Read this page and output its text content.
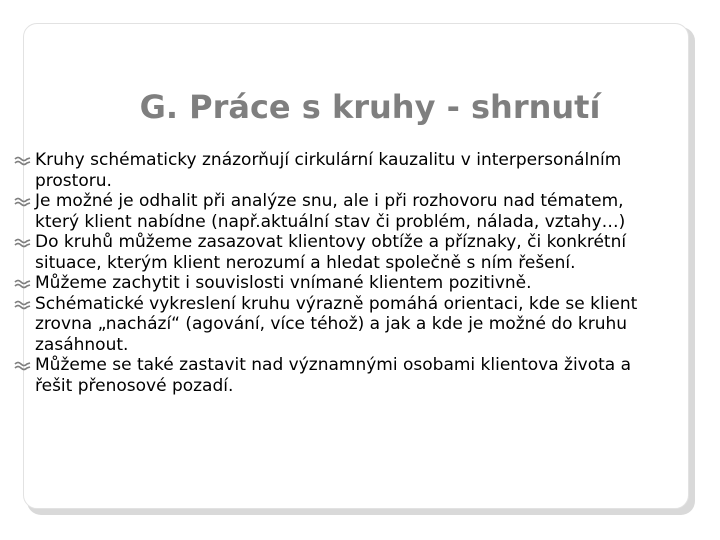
G. Práce s kruhy - shrnutí
Kruhy schématicky znázorňují cirkulární kauzalitu v interpersonálním prostoru.
Je možné je odhalit při analýze snu, ale i při rozhovoru nad tématem, který klient nabídne (např.aktuální stav či problém, nálada, vztahy…)
Do kruhů můžeme zasazovat klientovy obtíže a příznaky, či konkrétní situace, kterým klient nerozumí a hledat společně s ním řešení.
Můžeme zachytit i souvislosti vnímané klientem pozitivně.
Schématické vykreslení kruhu výrazně pomáhá orientaci, kde se klient zrovna „nachází“ (agování, více téhož) a jak a kde je možné do kruhu zasáhnout.
Můžeme se také zastavit nad významnými osobami klientova života a řešit přenosové pozadí.
